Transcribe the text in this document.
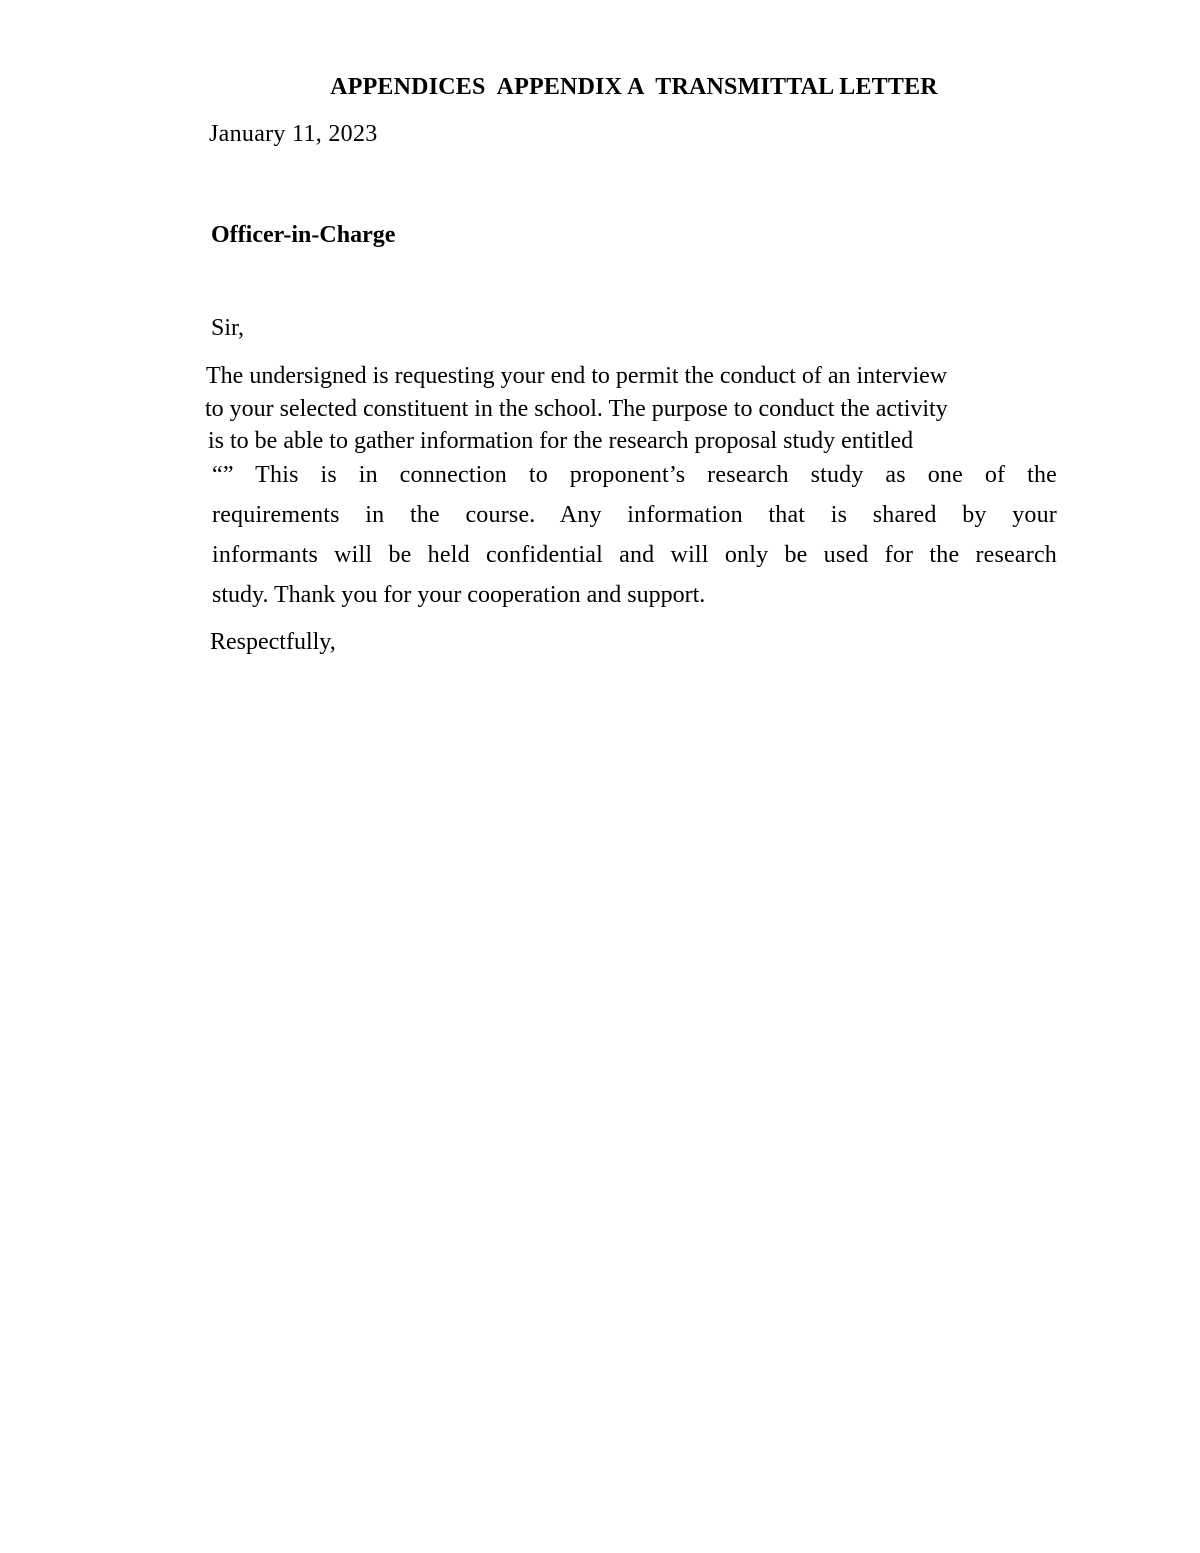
APPENDICES  APPENDIX A  TRANSMITTAL LETTER
January 11, 2023
Officer-in-Charge
Sir,
The undersigned is requesting your end to permit the conduct of an interview
to your selected constituent in the school. The purpose to conduct the activity
is to be able to gather information for the research proposal study entitled
“” This is in connection to proponent’s research study as one of the
requirements in the course. Any information that is shared by your
informants will be held confidential and will only be used for the research
study. Thank you for your cooperation and support.
Respectfully,
